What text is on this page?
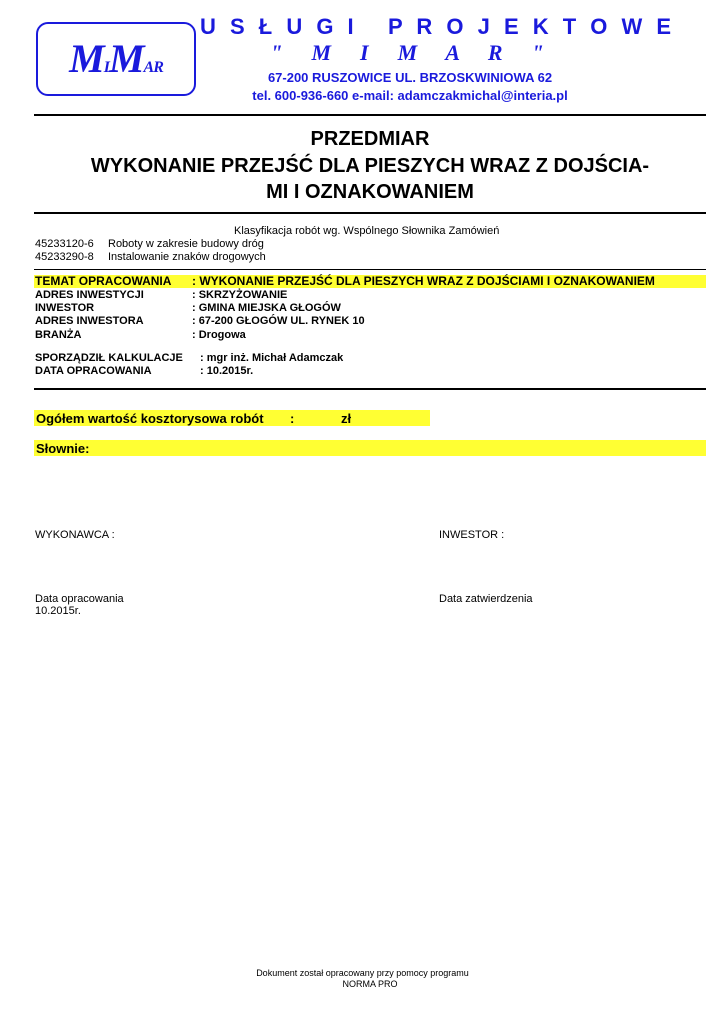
MIMAR
U S Ł U G I   P R O J E K T O W E
"  M  I  M  A  R  "
67-200 RUSZOWICE UL. BRZOSKWINIOWA 62
tel. 600-936-660 e-mail: adamczakmichal@interia.pl
PRZEDMIAR
WYKONANIE PRZEJŚĆ DLA PIESZYCH WRAZ Z DOJŚCIA-
MI I OZNAKOWANIEM
Klasyfikacja robót wg. Wspólnego Słownika Zamówień
45233120-6 Roboty w zakresie budowy dróg
45233290-8 Instalowanie znaków drogowych
TEMAT OPRACOWANIA : WYKONANIE PRZEJŚĆ DLA PIESZYCH WRAZ Z DOJŚCIAMI I OZNAKOWANIEM
ADRES INWESTYCJI	: SKRZYŻOWANIE
INWESTOR	: GMINA MIEJSKA GŁOGÓW
ADRES INWESTORA	: 67-200 GŁOGÓW UL. RYNEK 10
BRANŻA	: Drogowa
SPORZĄDZIŁ KALKULACJE : mgr inż. Michał Adamczak
DATA OPRACOWANIA	: 10.2015r.
Ogółem wartość kosztorysowa robót :	zł
Słownie:
WYKONAWCA :	INWESTOR :
Data opracowania
10.2015r.
Data zatwierdzenia
Dokument został opracowany przy pomocy programu
NORMA PRO
